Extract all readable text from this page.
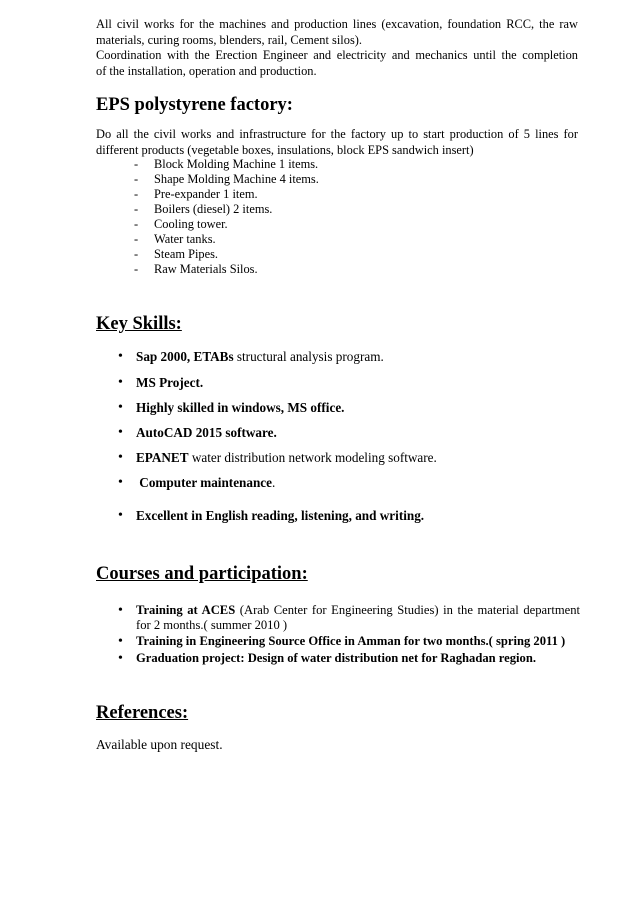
All civil works for the machines and production lines (excavation, foundation RCC, the raw
materials, curing rooms, blenders, rail, Cement silos).
Coordination with the Erection Engineer and electricity and mechanics until the completion
of the installation, operation and production.
EPS polystyrene factory:
Do all the civil works and infrastructure for the factory up to start production of 5 lines for
different products (vegetable boxes, insulations, block EPS sandwich insert)
- Block Molding Machine 1 items.
- Shape Molding Machine 4 items.
- Pre-expander 1 item.
- Boilers (diesel) 2 items.
- Cooling tower.
- Water tanks.
- Steam Pipes.
- Raw Materials Silos.
Key Skills:
• Sap 2000, ETABs structural analysis program.
• MS Project.
• Highly skilled in windows, MS office.
• AutoCAD 2015 software.
• EPANET water distribution network modeling software.
• Computer maintenance.
• Excellent in English reading, listening, and writing.
Courses and participation:
• Training at ACES (Arab Center for Engineering Studies) in the material department for 2 months.( summer 2010 )
• Training in Engineering Source Office in Amman for two months.( spring 2011 )
• Graduation project: Design of water distribution net for Raghadan region.
References:

Available upon request.
